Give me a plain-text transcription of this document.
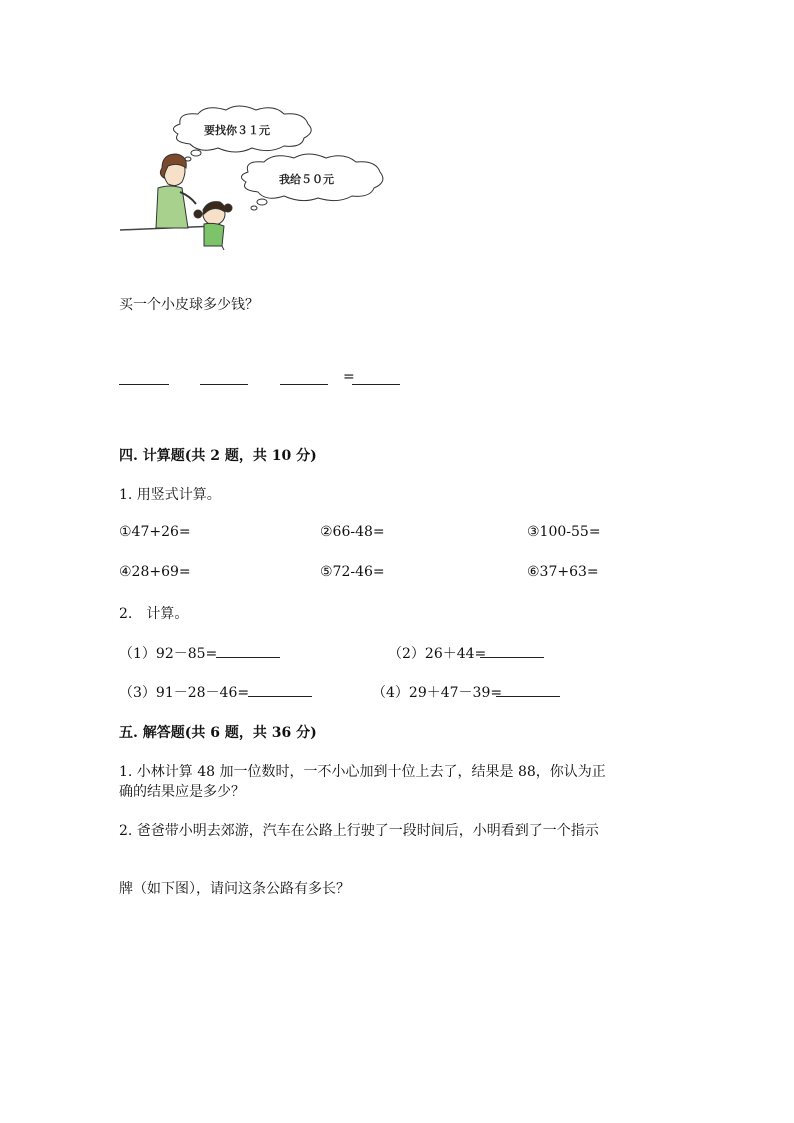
要找你３１元
我给５０元
买一个小皮球多少钱？
=
四. 计算题(共 2 题，共 10 分)
1. 用竖式计算。
①47+26=	②66-48=	③100-55=
④28+69=	⑤72-46=	⑥37+63=
2.　计算。
（1）92－85=	（2）26＋44=
（3）91－28－46=	（4）29＋47－39=
五. 解答题(共 6 题，共 36 分)
1. 小林计算 48 加一位数时，一不小心加到十位上去了，结果是 88，你认为正
确的结果应是多少？
2. 爸爸带小明去郊游，汽车在公路上行驶了一段时间后，小明看到了一个指示
牌（如下图），请问这条公路有多长？
